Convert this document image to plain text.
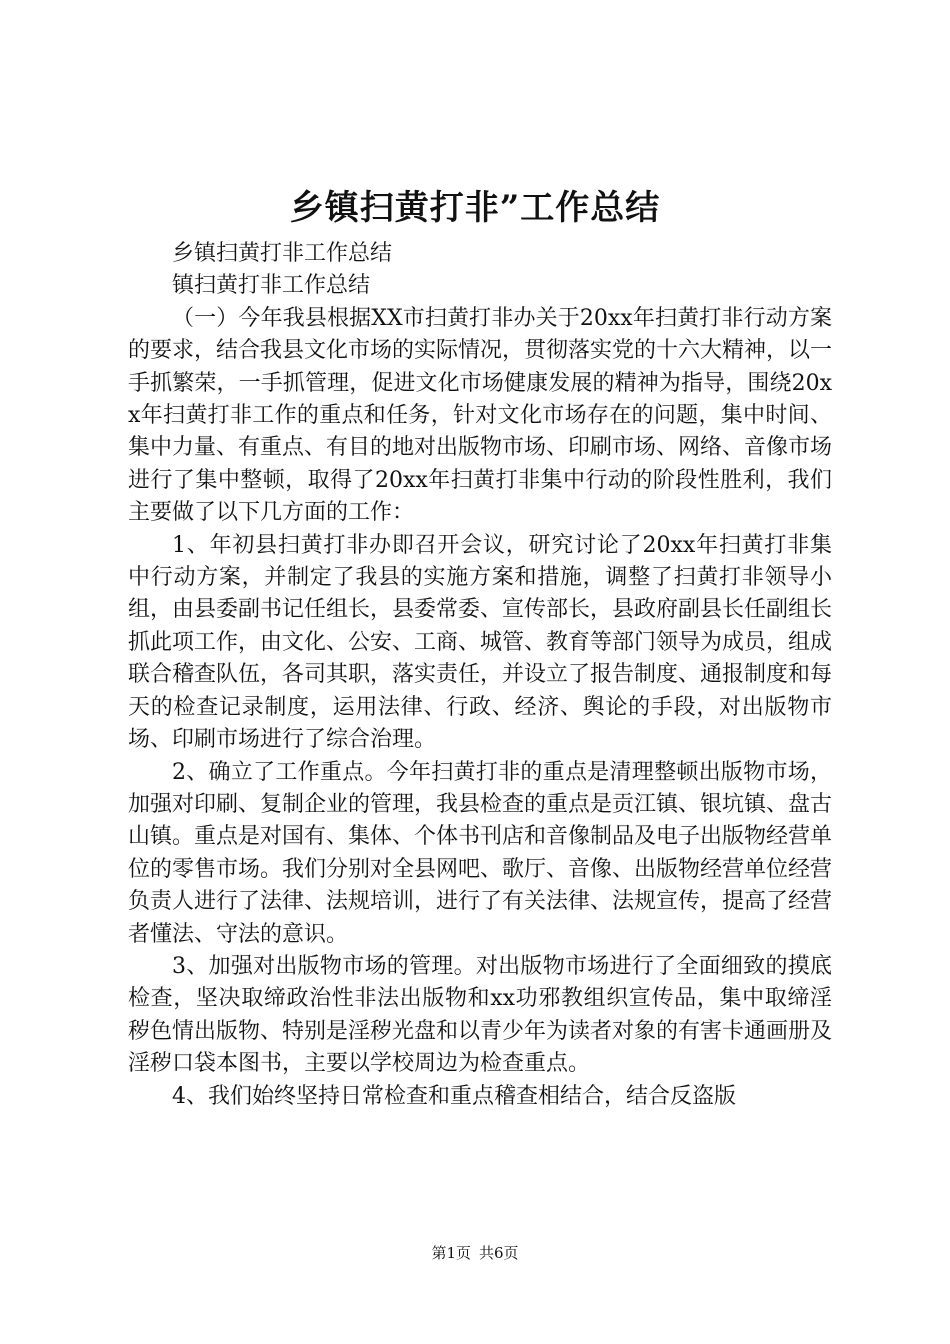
乡镇扫黄打非”工作总结

乡镇扫黄打非工作总结

镇扫黄打非工作总结

（一）今年我县根据XX市扫黄打非办关于20xx年扫黄打非行动方案的要求，结合我县文化市场的实际情况，贯彻落实党的十六大精神，以一手抓繁荣，一手抓管理，促进文化市场健康发展的精神为指导，围绕20xx年扫黄打非工作的重点和任务，针对文化市场存在的问题，集中时间、集中力量、有重点、有目的地对出版物市场、印刷市场、网络、音像市场进行了集中整顿，取得了20xx年扫黄打非集中行动的阶段性胜利，我们主要做了以下几方面的工作：

1、年初县扫黄打非办即召开会议，研究讨论了20xx年扫黄打非集中行动方案，并制定了我县的实施方案和措施，调整了扫黄打非领导小组，由县委副书记任组长，县委常委、宣传部长，县政府副县长任副组长抓此项工作，由文化、公安、工商、城管、教育等部门领导为成员，组成联合稽查队伍，各司其职，落实责任，并设立了报告制度、通报制度和每天的检查记录制度，运用法律、行政、经济、舆论的手段，对出版物市场、印刷市场进行了综合治理。

2、确立了工作重点。今年扫黄打非的重点是清理整顿出版物市场，加强对印刷、复制企业的管理，我县检查的重点是贡江镇、银坑镇、盘古山镇。重点是对国有、集体、个体书刊店和音像制品及电子出版物经营单位的零售市场。我们分别对全县网吧、歌厅、音像、出版物经营单位经营负责人进行了法律、法规培训，进行了有关法律、法规宣传，提高了经营者懂法、守法的意识。

3、加强对出版物市场的管理。对出版物市场进行了全面细致的摸底检查，坚决取缔政治性非法出版物和xx功邪教组织宣传品，集中取缔淫秽色情出版物、特别是淫秽光盘和以青少年为读者对象的有害卡通画册及淫秽口袋本图书，主要以学校周边为检查重点。

4、我们始终坚持日常检查和重点稽查相结合，结合反盗版

第1页 共6页
